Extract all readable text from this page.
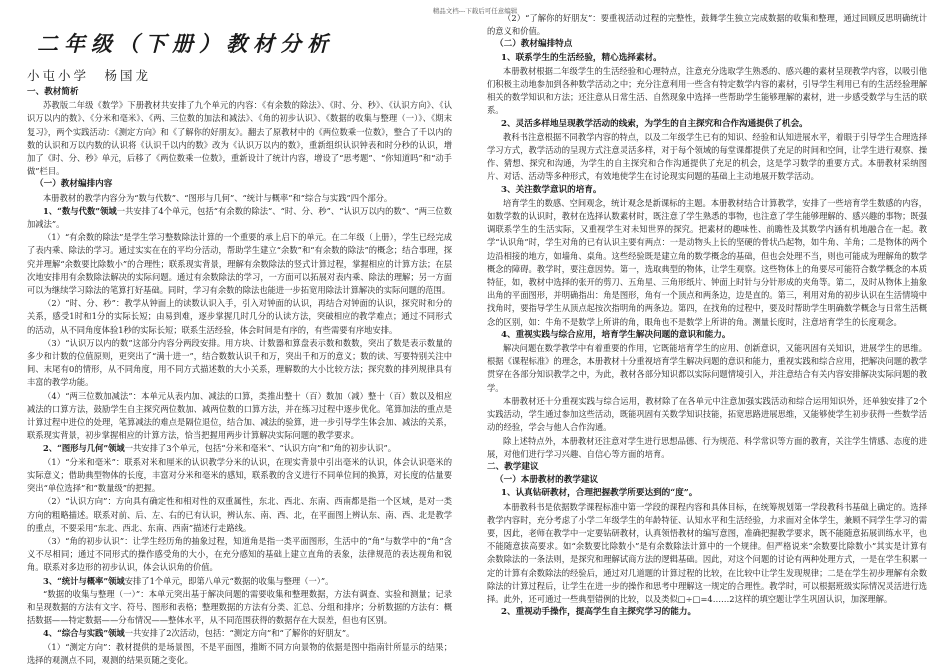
精品文档---下载后可任意编辑
二年级（下册）教材分析
小屯小学　杨国龙

一、教材简析

苏教版二年级《数学》下册教材共安排了九个单元的内容：《有余数的除法》、《时、分、秒》、《认识方向》、《认识万以内的数》、《分米和毫米》、《两、三位数的加法和减法》、《角的初步认识》、《数据的收集与整理（一）》、《期末复习》，两个实践活动：《测定方向》和《了解你的好朋友》。翻去了原教材中的《两位数乘一位数》，整合了千以内的数的认识和万以内数的认识将《认识千以内的数》改为《认识万以内的数》，重新组织认识钟表和时分秒的认识，增加了《时、分、秒》单元，后移了《两位数乘一位数》，重新设计了统计内容，增设了“思考题”、“你知道吗”和“动手做”栏目。

（一）教材编排内容

本册教材的教学内容分为“数与代数”、“图形与几何”、“统计与概率”和“综合与实践”四个部分。

1、“数与代数”领域一共安排了4个单元，包括“有余数的除法”、“时、分、秒”、“认识万以内的数”、“两三位数加减法”。

（1）“有余数的除法”是学生学习整数除法计算的一个重要的承上启下的单元。在二年级（上册），学生已经完成了表内乘、除法的学习。通过实实在在的平均分活动，帮助学生建立“余数”和“有余数的除法”的概念；结合事理，探究并理解“余数要比除数小”的合理性；联系现实背景，理解有余数除法的竖式计算过程，掌握相应的计算方法；在层次地安排用有余数除法解决的实际问题。通过有余数除法的学习，一方面可以拓展对表内乘、除法的理解；另一方面可以为继续学习除法的笔算打好基础。同时，学习有余数的除法也能进一步拓宽用除法计算解决的实际问题的范围。

（2）“时、分、秒”：教学从钟面上的读数认识入手，引入对钟面的认识，再结合对钟面的认识，探究时和分的关系，感受1时和1分的实际长短；由易到难，逐步掌握几时几分的认读方法，突破相应的教学难点；通过不同形式的活动，从不同角度体验1秒的实际长短；联系生活经验，体会时间是有序的，有些需要有序地安排。

（3）“认识万以内的数”这部分内容分两段安排。用方块、计数器和算盘表示数和数数，突出了数是表示数量的多少和计数的位值原则，更突出了“满十进一”，结合数数认识千和万，突出千和万的意义；数的读、写要特别关注中间、末尾有0的情形，从不同角度，用不同方式描述数的大小关系，理解数的大小比较方法；探究数的排列规律具有丰富的教学功能。

（4）“两三位数加减法”：本单元从表内加、减法的口算，类推出整十（百）数加（减）整十（百）数以及相应减法的口算方法，鼓励学生自主探究两位数加、减两位数的口算方法，并在练习过程中逐步优化。笔算加法的重点是计算过程中进位的处理，笔算减法的难点是隔位退位，结合加、减法的验算，进一步引导学生体会加、减法的关系，联系现实背景，初步掌握相应的计算方法，恰当把握用两步计算解决实际问题的教学要求。

2、“图形与几何”领域一共安排了3个单元，包括“分米和毫米”、“认识方向”和“角的初步认识”。

（1）“分米和毫米”：联系对米和厘米的认识教学分米的认识，在现实背景中引出毫米的认识，体会认识毫米的实际意义；借助典型物体的长度，丰富对分米和毫米的感知，联系教的含义进行不同单位间的换算，对长度的估量要突出“单位选择”和“数量级”的把握。

（2）“认识方向”：方向具有确定性和相对性的双重属性，东北、西北、东南、西南都是指一个区域，是对一类方向的粗略描述。联系对前、后、左、右的已有认识，辨认东、南、西、北，在平面图上辨认东、南、西、北是教学的重点，不要采用“东北、西北、东南、西南”描述行走路线。

（3）“角的初步认识”：让学生经历角的抽象过程，知道角是指一类平面图形，生活中的“角”与数学中的“角”含义不尽相同；通过不同形式的操作感受角的大小，在充分感知的基础上建立直角的表象，法律规范的表达视角和锐角。联系对多边形的初步认识，体会认识角的价值。

3、“统计与概率”领域安排了1个单元，即第八单元“数据的收集与整理（一）”。

“数据的收集与整理（一）”：本单元突出基于解决问题的需要收集和整理数据，方法有调查、实验和测量；记录和呈现数据的方法有文字、符号、图形和表格；整理数据的方法有分类、汇总、分组和排序；分析数据的方法有：概括数据——特定数据——分布情况——整体水平，从不同范围获得的数据存在大误差，但也有区别。

4、“综合与实践”领域一共安排了2次活动，包括：“测定方向”和“了解你的好朋友”。

（1）“测定方向”：教材提供的是场景图，不是平面图，推断不同方向景物的依据是图中指南针所显示的结果；选择的观测点不同，观测的结果页随之变化。

（2）“了解你的好朋友”：要重视活动过程的完整性，鼓舞学生独立完成数据的收集和整理，通过回顾反思明确统计的意义和价值。

（二）教材编排特点

1、联系学生的生活经验，精心选择素材。

本册教材根据二年级学生的生活经验和心理特点，注意充分选取学生熟悉的、感兴趣的素材呈现教学内容，以吸引他们积极主动地参加到各种数学活动之中；充分注意利用一些含有特定数学内容的素材，引导学生利用已有的生活经验理解相关的数学知识和方法；还注意从日常生活、自然现象中选择一些帮助学生能够理解的素材，进一步感受数学与生活的联系。

2、灵活多样地呈现教学活动的线索，为学生的自主探究和合作沟通提供了机会。

教科书注意根据不同教学内容的特点，以及二年级学生已有的知识、经验和认知进展水平，着眼于引导学生合理选择学习方式，教学活动的呈现方式注意灵活多样，对于每个领域的每堂课都提供了充足的时间和空间，让学生进行观察、操作、猜想、探究和沟通，为学生的自主探究和合作沟通提供了充足的机会，这是学习数学的重要方式。本册教材采纳图片、对话、活动等多种形式，有效地使学生在讨论现实问题的基础上主动地展开数学活动。

3、关注数学意识的培育。

培育学生的数感、空间观念，统计观念是新课标的主题。本册教材结合计算教学，安排了一些培育学生数感的内容，如数学数的认识时，教材在选择认数素材时，既注意了学生熟悉的事物，也注意了学生能够理解的、感兴趣的事物；既强调联系学生的生活实际，又重视学生对未知世界的探究。把素材的趣味性、前瞻性及其数学内涵有机地融合在一起。教学“认识角”时，学生对角的已有认识主要有两点：一是动物头上长的坚硬的骨状凸起物，如牛角、羊角；二是物体的两个边沿相接的地方，如墙角、桌角。这些经验既是建立角的数学概念的基础，但也会处理不当，则也可能成为理解角的数学概念的障碍。教学时，要注意因势。第一，选取典型的物体，让学生观察。这些物体上的角要尽可能符合数学概念的本质特征，如，教材中选择的张开的剪刀、五角星、三角形纸片、钟面上时针与分针形成的夹角等。第二，及时从物体上抽象出角的平面图形，并明确指出：角是图形，角有一个顶点和两条边，边是直的。第三，利用对角的初步认识在生活情境中找角时，要指导学生从顶点起按次指明角的两条边。第四，在找角的过程中，要及时帮助学生明确数学概念与日常生活概念的区别，如：牛角不是数学上所讲的角，眼角也不是数学上所讲的角。测量长度时，注意培育学生的长度观念。

4、重视实践与综合应用，培育学生解决问题的意识和能力。

解决问题在数学教学中有着重要的作用，它既能培育学生的应用、创新意识，又能巩固有关知识，进展学生的思维。根据《课程标准》的理念，本册教材十分重视培育学生解决问题的意识和能力，重视实践和综合应用，把解决问题的教学贯穿在各部分知识教学之中，为此，教材各部分知识都以实际问题情境引入，并注意结合有关内容安排解决实际问题的教学。

本册教材还十分重视实践与综合运用，教材除了在各单元中注意加强实践活动和综合运用知识外，还单独安排了2个实践活动，学生通过参加这些活动，既能巩固有关数学知识技能，拓宽思路进展思维，又能够使学生初步获得一些数学活动的经验，学会与他人合作沟通。

除上述特点外，本册教材还注意对学生进行思想品德、行为规范、科学常识等方面的教育，关注学生情感、态度的进展，对他们进行学习兴趣、自信心等方面的培育。

二、教学建议

（一）本册教材的教学建议

1、认真钻研教材，合理把握教学所要达到的“度”。

本册教科书是依据数学课程标准中第一学段的课程内容和具体目标，在统筹规划第一学段教科书基础上确定的。选择教学内容时，充分考虑了小学二年级学生的年龄特征、认知水平和生活经验，力求面对全体学生，兼顾不同学生学习的需要，因此，老师在教学中一定要钻研教材，认真领悟教材的编写意图，准确把握教学要求，既不能随意拓展训练水平，也不能随意拔高要求。如“余数要比除数小”是有余数除法计算中的一个规律。但严格说来“余数要比除数小”其实是计算有余数除法的一条法则，是探究和理解试商方法的逻辑基础。因此，对这个问题的讨论有两种处理方式，一是在学生积累一定的计算有余数除法的经验后，通过对几道题的计算过程的比较，在比较中让学生发现规律；二是在学生初步理解有余数除法的计算过程后，让学生在进一步的操作和思考中理解这一规定的合理性。教学时，可以根据班级实际情况灵活进行选择。此外，还可通过一些典型错例的比较，以及类似□÷□=4……2这样的填空题让学生巩固认识，加深理解。

2、重视动手操作，提高学生自主探究学习的能力。
